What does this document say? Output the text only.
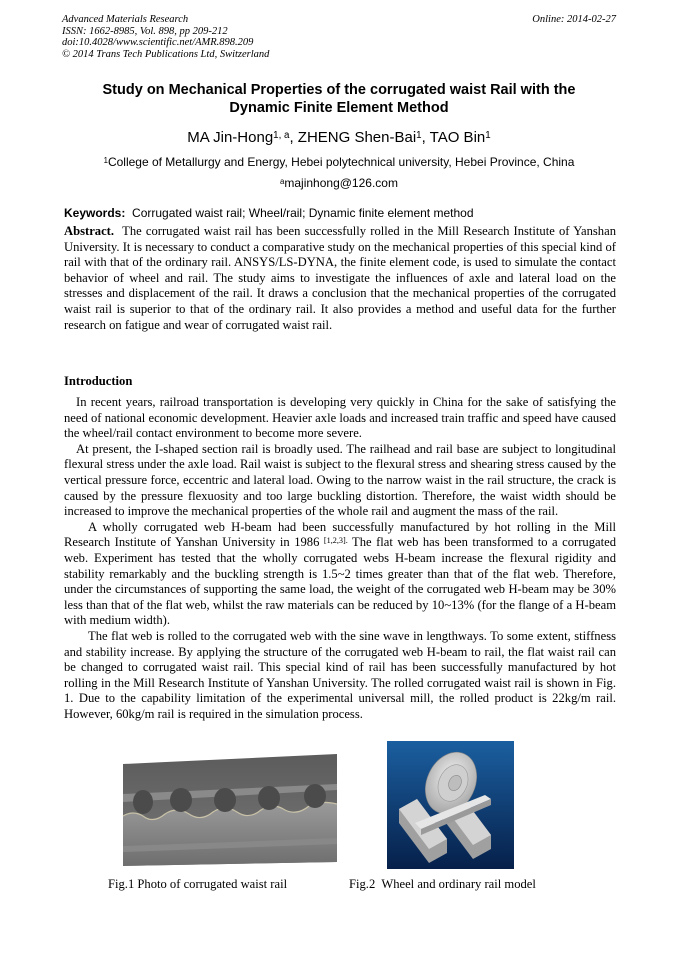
Advanced Materials Research
ISSN: 1662-8985, Vol. 898, pp 209-212
doi:10.4028/www.scientific.net/AMR.898.209
© 2014 Trans Tech Publications Ltd, Switzerland
Online: 2014-02-27
Study on Mechanical Properties of the corrugated waist Rail with the
Dynamic Finite Element Method
MA Jin-Hong$^{1, a}$, ZHENG Shen-Bai$^1$, TAO Bin$^1$
$^1$College of Metallurgy and Energy, Hebei polytechnical university, Hebei Province, China
$^a$majinhong@126.com
Keywords: Corrugated waist rail; Wheel/rail; Dynamic finite element method
Abstract. The corrugated waist rail has been successfully rolled in the Mill Research Institute of Yanshan University. It is necessary to conduct a comparative study on the mechanical properties of this special kind of rail with that of the ordinary rail. ANSYS/LS-DYNA, the finite element code, is used to simulate the contact behavior of wheel and rail. The study aims to investigate the influences of axle and lateral load on the stresses and displacement of the rail. It draws a conclusion that the mechanical properties of the corrugated waist rail is superior to that of the ordinary rail. It also provides a method and useful data for the further research on fatigue and wear of corrugated waist rail.
Introduction

In recent years, railroad transportation is developing very quickly in China for the sake of satisfying the need of national economic development. Heavier axle loads and increased train traffic and speed have caused the wheel/rail contact environment to become more severe.

At present, the I-shaped section rail is broadly used. The railhead and rail base are subject to longitudinal flexural stress under the axle load. Rail waist is subject to the flexural stress and shearing stress caused by the vertical pressure force, eccentric and lateral load. Owing to the narrow waist in the rail structure, the crack is caused by the pressure flexuosity and too large buckling distortion. Therefore, the waist width should be increased to improve the mechanical properties of the whole rail and augment the mass of the rail.

A wholly corrugated web H-beam had been successfully manufactured by hot rolling in the Mill Research Institute of Yanshan University in 1986 $^{[1,2,3].}$ The flat web has been transformed to a corrugated web. Experiment has tested that the wholly corrugated webs H-beam increase the flexural rigidity and stability remarkably and the buckling strength is 1.5~2 times greater than that of the flat web. Therefore, under the circumstances of supporting the same load, the weight of the corrugated web H-beam may be 30% less than that of the flat web, whilst the raw materials can be reduced by 10~13% (for the flange of a H-beam with medium width).

The flat web is rolled to the corrugated web with the sine wave in lengthways. To some extent, stiffness and stability increase. By applying the structure of the corrugated web H-beam to rail, the flat waist rail can be changed to corrugated waist rail. This special kind of rail has been successfully manufactured by hot rolling in the Mill Research Institute of Yanshan University. The rolled corrugated waist rail is shown in Fig. 1. Due to the capability limitation of the experimental universal mill, the rolled product is 22kg/m rail. However, 60kg/m rail is required in the simulation process.

Fig.1 Photo of corrugated waist rail	Fig.2  Wheel and ordinary rail model
